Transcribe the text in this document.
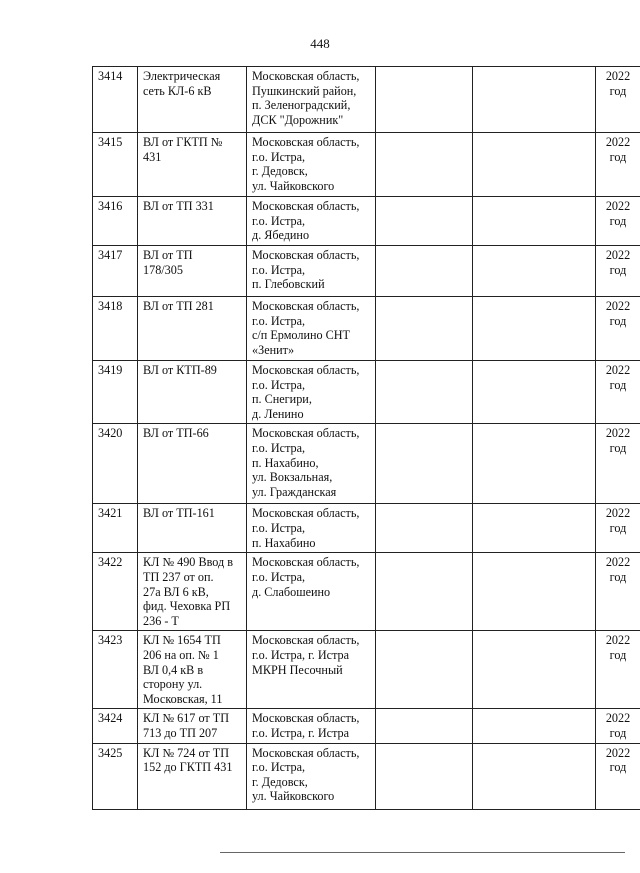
448
3414	Электрическая
сеть КЛ-6 кВ	Московская область,
Пушкинский район,
п. Зеленоградский,
ДСК "Дорожник"			2022
год
3415	ВЛ от ГКТП №
431	Московская область,
г.о. Истра,
г. Дедовск,
ул. Чайковского			2022
год
3416	ВЛ от ТП 331	Московская область,
г.о. Истра,
д. Ябедино			2022
год
3417	ВЛ от ТП
178/305	Московская область,
г.о. Истра,
п. Глебовский			2022
год
3418	ВЛ от ТП 281	Московская область,
г.о. Истра,
с/п Ермолино СНТ
«Зенит»			2022
год
3419	ВЛ от КТП-89	Московская область,
г.о. Истра,
п. Снегири,
д. Ленино			2022
год
3420	ВЛ от ТП-66	Московская область,
г.о. Истра,
п. Нахабино,
ул. Вокзальная,
ул. Гражданская			2022
год
3421	ВЛ от ТП-161	Московская область,
г.о. Истра,
п. Нахабино			2022
год
3422	КЛ № 490 Ввод в
ТП 237 от оп.
27а ВЛ 6 кВ,
фид. Чеховка РП
236 - Т	Московская область,
г.о. Истра,
д. Слабошеино			2022
год
3423	КЛ № 1654 ТП
206 на оп. № 1
ВЛ 0,4 кВ в
сторону ул.
Московская, 11	Московская область,
г.о. Истра, г. Истра
МКРН Песочный			2022
год
3424	КЛ № 617 от ТП
713 до ТП 207	Московская область,
г.о. Истра, г. Истра			2022
год
3425	КЛ № 724 от ТП
152 до ГКТП 431	Московская область,
г.о. Истра,
г. Дедовск,
ул. Чайковского			2022
год
